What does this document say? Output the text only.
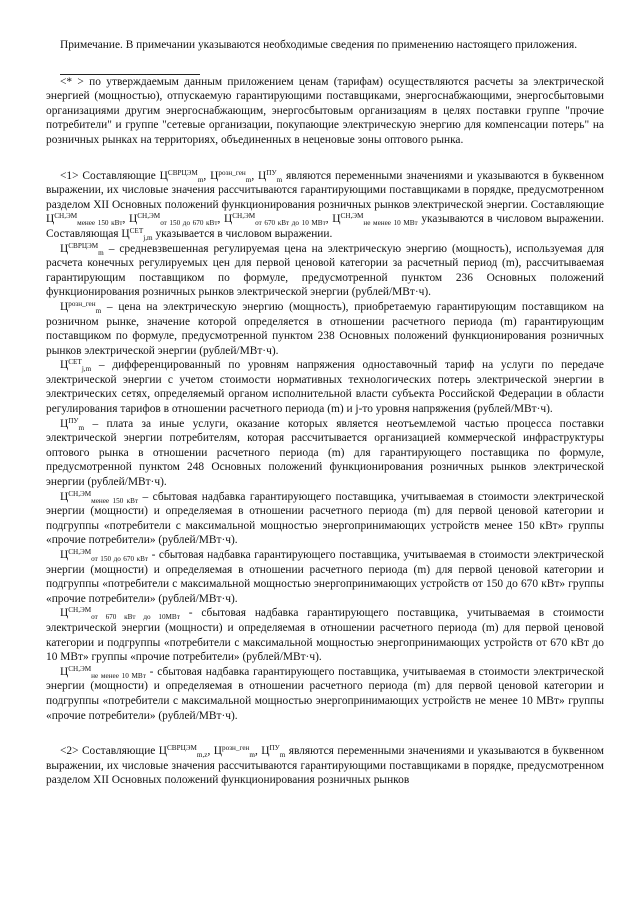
Примечание. В примечании указываются необходимые сведения по применению настоящего приложения.

<* > по утверждаемым данным приложением ценам (тарифам) осуществляются расчеты за электрической энергией (мощностью), отпускаемую гарантирующими поставщиками, энергоснабжающими, энергосбытовыми организациями другим энергоснабжающим, энергосбытовым организациям в целях поставки группе "прочие потребители" и группе "сетевые организации, покупающие электрическую энергию для компенсации потерь" на розничных рынках на территориях, объединенных в неценовые зоны оптового рынка.

<1> Составляющие $Ц^{СВРЦЭМ}_m$, $Ц^{розн\_ген}_m$, $Ц^{ПУ}_m$ являются переменными значениями и указываются в буквенном выражении, их числовые значения рассчитываются гарантирующими поставщиками в порядке, предусмотренном разделом XII Основных положений функционирования розничных рынков электрической энергии. Составляющие $Ц^{СН,ЭМ}_{менее 150 кВт}$, $Ц^{СН,ЭМ}_{от 150 до 670 кВт}$, $Ц^{СН,ЭМ}_{от 670 кВт до 10 МВт}$, $Ц^{СН,ЭМ}_{не менее 10 МВт}$ указываются в числовом выражении. Составляющая $Ц^{СЕТ}_{j,m}$ указывается в числовом выражении.

$Ц^{СВРЦЭМ}_m$ – средневзвешенная регулируемая цена на электрическую энергию (мощность), используемая для расчета конечных регулируемых цен для первой ценовой категории за расчетный период (m), рассчитываемая гарантирующим поставщиком по формуле, предусмотренной пунктом 236 Основных положений функционирования розничных рынков электрической энергии (рублей/МВт·ч).

$Ц^{розн\_ген}_m$ – цена на электрическую энергию (мощность), приобретаемую гарантирующим поставщиком на розничном рынке, значение которой определяется в отношении расчетного периода (m) гарантирующим поставщиком по формуле, предусмотренной пунктом 238 Основных положений функционирования розничных рынков электрической энергии (рублей/МВт·ч).

$Ц^{СЕТ}_{j,m}$ – дифференцированный по уровням напряжения одноставочный тариф на услуги по передаче электрической энергии с учетом стоимости нормативных технологических потерь электрической энергии в электрических сетях, определяемый органом исполнительной власти субъекта Российской Федерации в области регулирования тарифов в отношении расчетного периода (m) и j-то уровня напряжения (рублей/МВт·ч).

$Ц^{ПУ}_m$ – плата за иные услуги, оказание которых является неотъемлемой частью процесса поставки электрической энергии потребителям, которая рассчитывается организацией коммерческой инфраструктуры оптового рынка в отношении расчетного периода (m) для гарантирующего поставщика по формуле, предусмотренной пунктом 248 Основных положений функционирования розничных рынков электрической энергии (рублей/МВт·ч).

$Ц^{СН,ЭМ}_{менее 150 кВт}$ – сбытовая надбавка гарантирующего поставщика, учитываемая в стоимости электрической энергии (мощности) и определяемая в отношении расчетного периода (m) для первой ценовой категории и подгруппы «потребители с максимальной мощностью энергопринимающих устройств менее 150 кВт» группы «прочие потребители» (рублей/МВт·ч).

$Ц^{СН,ЭМ}_{от 150 до 670 кВт}$ - сбытовая надбавка гарантирующего поставщика, учитываемая в стоимости электрической энергии (мощности) и определяемая в отношении расчетного периода (m) для первой ценовой категории и подгруппы «потребители с максимальной мощностью энергопринимающих устройств от 150 до 670 кВт» группы «прочие потребители» (рублей/МВт·ч).

$Ц^{СН,ЭМ}_{от 670 кВт до 10МВт}$ - сбытовая надбавка гарантирующего поставщика, учитываемая в стоимости электрической энергии (мощности) и определяемая в отношении расчетного периода (m) для первой ценовой категории и подгруппы «потребители с максимальной мощностью энергопринимающих устройств от 670 кВт до 10 МВт» группы «прочие потребители» (рублей/МВт·ч).

$Ц^{СН,ЭМ}_{не менее 10 МВт}$ - сбытовая надбавка гарантирующего поставщика, учитываемая в стоимости электрической энергии (мощности) и определяемая в отношении расчетного периода (m) для первой ценовой категории и подгруппы «потребители с максимальной мощностью энергопринимающих устройств не менее 10 МВт» группы «прочие потребители» (рублей/МВт·ч).

<2> Составляющие $Ц^{СВРЦЭМ}_{m,z}$, $Ц^{розн\_ген}_m$, $Ц^{ПУ}_m$ являются переменными значениями и указываются в буквенном выражении, их числовые значения рассчитываются гарантирующими поставщиками в порядке, предусмотренном разделом XII Основных положений функционирования розничных рынков
